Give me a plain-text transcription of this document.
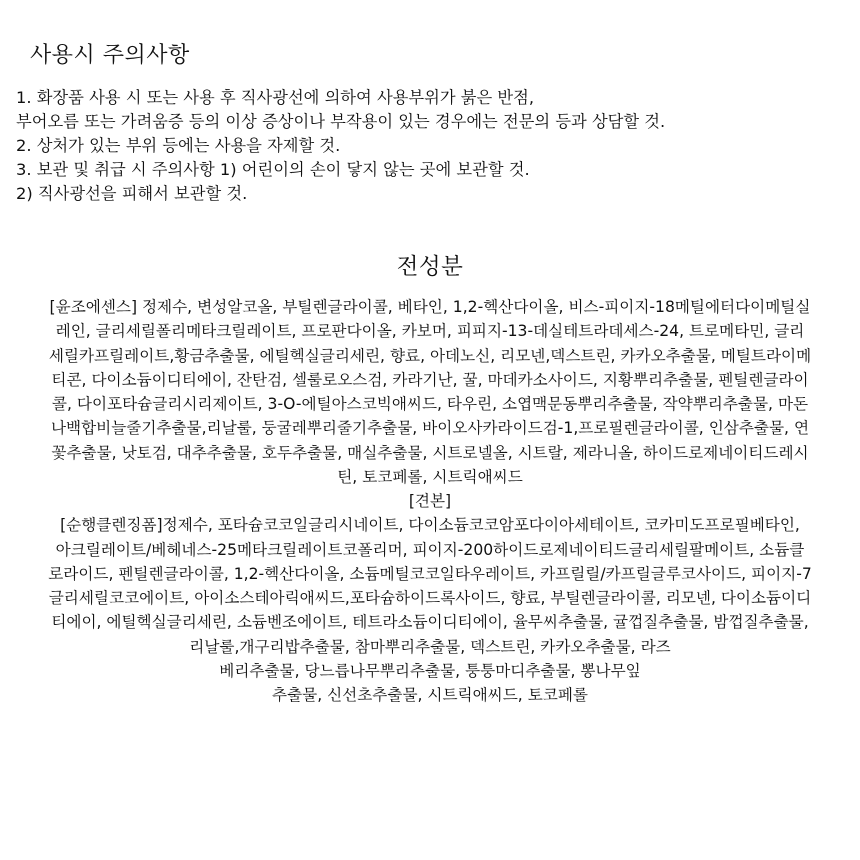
사용시 주의사항
1. 화장품 사용 시 또는 사용 후 직사광선에 의하여 사용부위가 붉은 반점,
부어오름 또는 가려움증 등의 이상 증상이나 부작용이 있는 경우에는 전문의 등과 상담할 것.
2. 상처가 있는 부위 등에는 사용을 자제할 것.
3. 보관 및 취급 시 주의사항 1) 어린이의 손이 닿지 않는 곳에 보관할 것.
2) 직사광선을 피해서 보관할 것.
전성분
[윤조에센스] 정제수, 변성알코올, 부틸렌글라이콜, 베타인, 1,2-헥산다이올, 비스-피이지-18메틸에터다이메틸실
레인, 글리세릴폴리메타크릴레이트, 프로판다이올, 카보머, 피피지-13-데실테트라데세스-24, 트로메타민, 글리
세릴카프릴레이트,황금추출물, 에틸헥실글리세린, 향료, 아데노신, 리모넨,덱스트린, 카카오추출물, 메틸트라이메
티콘, 다이소듐이디티에이, 잔탄검, 셀룰로오스검, 카라기난, 꿀, 마데카소사이드, 지황뿌리추출물, 펜틸렌글라이
콜, 다이포타슘글리시리제이트, 3-O-에틸아스코빅애씨드, 타우린, 소엽맥문동뿌리추출물, 작약뿌리추출물, 마돈
나백합비늘줄기추출물,리날룰, 둥굴레뿌리줄기추출물, 바이오사카라이드검-1,프로필렌글라이콜, 인삼추출물, 연
꽃추출물, 낫토검, 대추추출물, 호두추출물, 매실추출물, 시트로넬올, 시트랄, 제라니올, 하이드로제네이티드레시
틴, 토코페롤, 시트릭애씨드
[견본]
[순행클렌징폼]정제수, 포타슘코코일글리시네이트, 다이소듐코코암포다이아세테이트, 코카미도프로필베타인,
아크릴레이트/베헤네스-25메타크릴레이트코폴리머, 피이지-200하이드로제네이티드글리세릴팔메이트, 소듐클
로라이드, 펜틸렌글라이콜, 1,2-헥산다이올, 소듐메틸코코일타우레이트, 카프릴릴/카프릴글루코사이드, 피이지-7
글리세릴코코에이트, 아이소스테아릭애씨드,포타슘하이드록사이드, 향료, 부틸렌글라이콜, 리모넨, 다이소듐이디
티에이, 에틸헥실글리세린, 소듐벤조에이트, 테트라소듐이디티에이, 율무씨추출물, 귤껍질추출물, 밤껍질추출물,
리날룰,개구리밥추출물, 참마뿌리추출물, 덱스트린, 카카오추출물, 라즈
베리추출물, 당느릅나무뿌리추출물, 퉁퉁마디추출물, 뽕나무잎
추출물, 신선초추출물, 시트릭애씨드, 토코페롤
